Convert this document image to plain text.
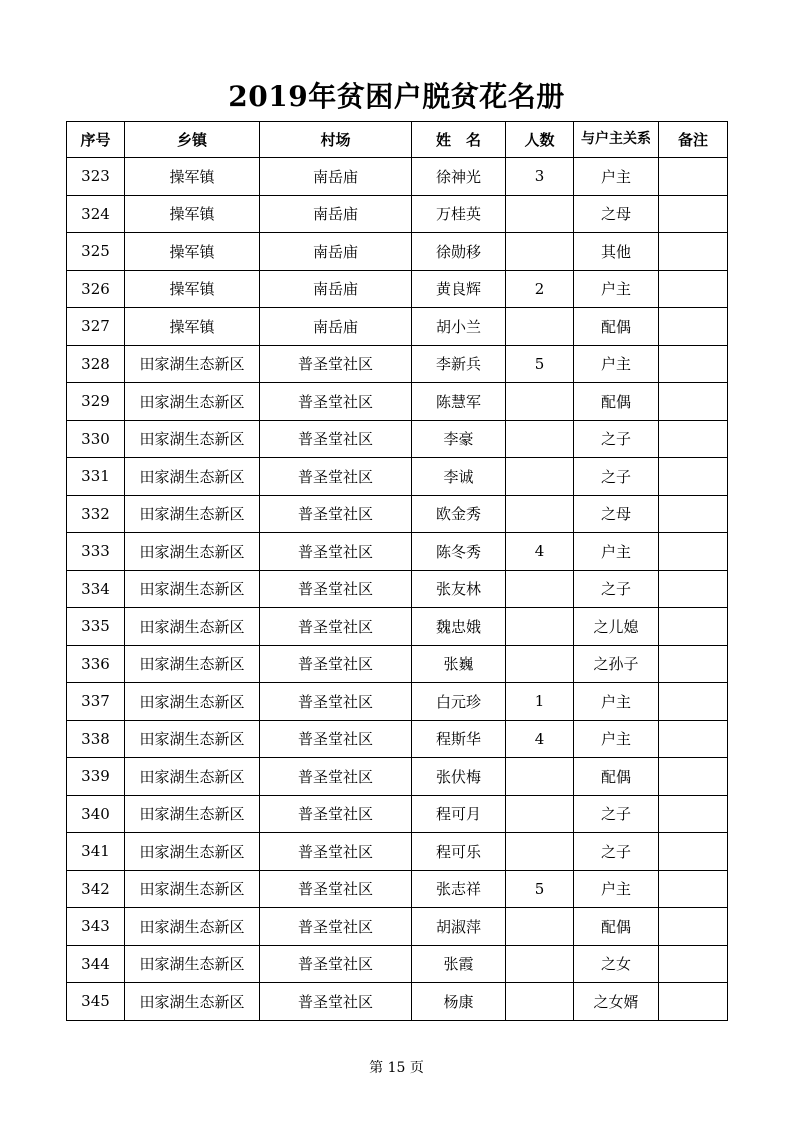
2019年贫困户脱贫花名册
序号	乡镇	村场	姓　名	人数	与户主关系	备注
323	操军镇	南岳庙	徐神光	3	户主	
324	操军镇	南岳庙	万桂英		之母	
325	操军镇	南岳庙	徐勋移		其他	
326	操军镇	南岳庙	黄良辉	2	户主	
327	操军镇	南岳庙	胡小兰		配偶	
328	田家湖生态新区	普圣堂社区	李新兵	5	户主	
329	田家湖生态新区	普圣堂社区	陈慧军		配偶	
330	田家湖生态新区	普圣堂社区	李豪		之子	
331	田家湖生态新区	普圣堂社区	李诚		之子	
332	田家湖生态新区	普圣堂社区	欧金秀		之母	
333	田家湖生态新区	普圣堂社区	陈冬秀	4	户主	
334	田家湖生态新区	普圣堂社区	张友林		之子	
335	田家湖生态新区	普圣堂社区	魏忠娥		之儿媳	
336	田家湖生态新区	普圣堂社区	张巍		之孙子	
337	田家湖生态新区	普圣堂社区	白元珍	1	户主	
338	田家湖生态新区	普圣堂社区	程斯华	4	户主	
339	田家湖生态新区	普圣堂社区	张伏梅		配偶	
340	田家湖生态新区	普圣堂社区	程可月		之子	
341	田家湖生态新区	普圣堂社区	程可乐		之子	
342	田家湖生态新区	普圣堂社区	张志祥	5	户主	
343	田家湖生态新区	普圣堂社区	胡淑萍		配偶	
344	田家湖生态新区	普圣堂社区	张霞		之女	
345	田家湖生态新区	普圣堂社区	杨康		之女婿	
第 15 页
